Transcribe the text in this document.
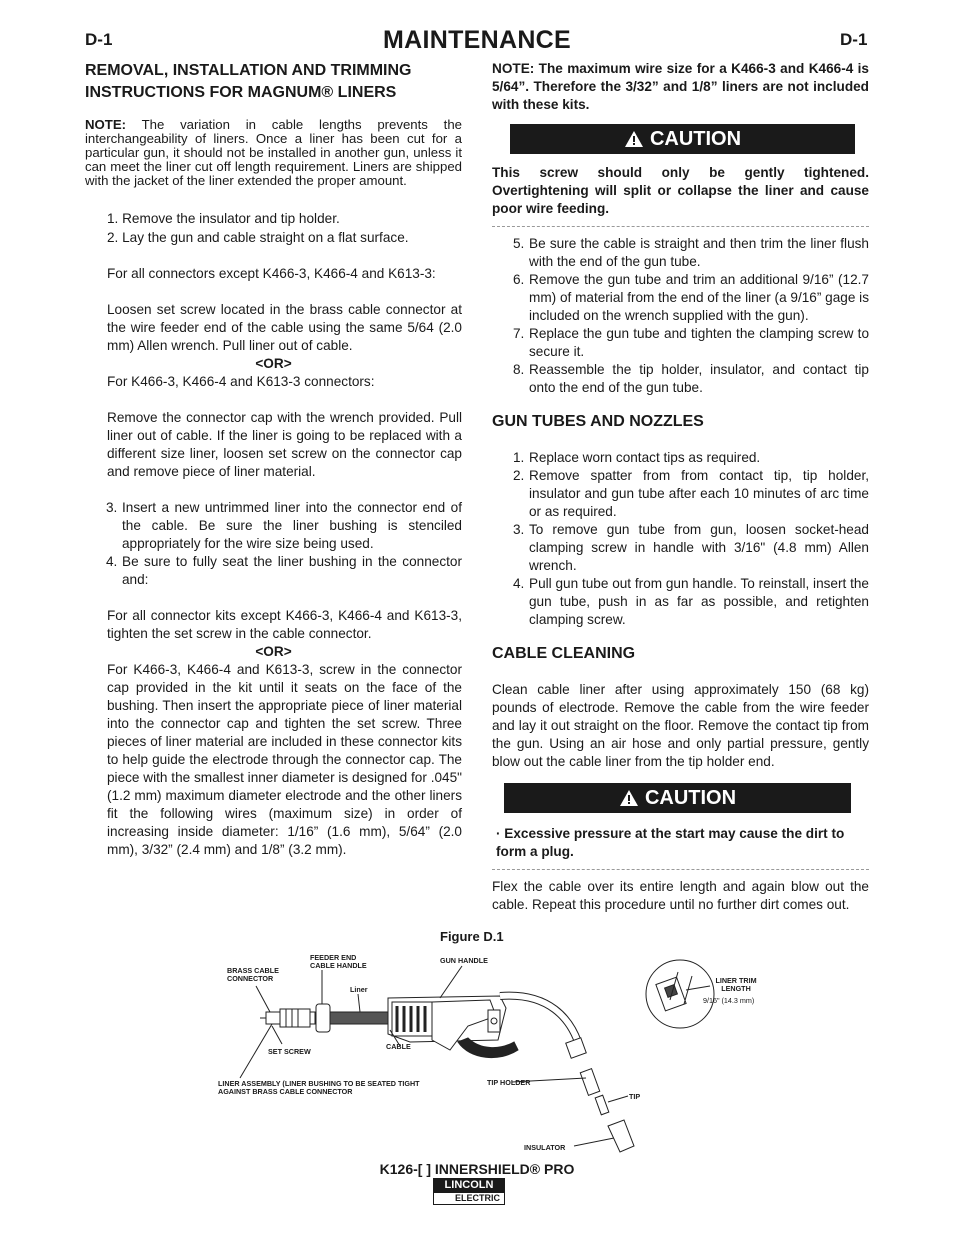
D-1	D-1
MAINTENANCE
REMOVAL, INSTALLATION AND TRIMMING INSTRUCTIONS FOR MAGNUM® LINERS

NOTE: The variation in cable lengths prevents the interchangeability of liners. Once a liner has been cut for a particular gun, it should not be installed in another gun, unless it can meet the liner cut off length requirement. Liners are shipped with the jacket of the liner extended the proper amount.

1. Remove the insulator and tip holder.

2. Lay the gun and cable straight on a flat surface.

For all connectors except K466-3, K466-4 and K613-3:

Loosen set screw located in the brass cable connector at the wire feeder end of the cable using the same 5/64 (2.0 mm) Allen wrench. Pull liner out of cable.

<OR>

For K466-3, K466-4 and K613-3 connectors:

Remove the connector cap with the wrench provided. Pull liner out of cable. If the liner is going to be replaced with a different size liner, loosen set screw on the connector cap and remove piece of liner material.

3. Insert a new untrimmed liner into the connector end of the cable. Be sure the liner bushing is stenciled appropriately for the wire size being used.
4. Be sure to fully seat the liner bushing in the connector and:

For all connector kits except K466-3, K466-4 and K613-3, tighten the set screw in the cable connector.

<OR>

For K466-3, K466-4 and K613-3, screw in the connector cap provided in the kit until it seats on the face of the bushing. Then insert the appropriate piece of liner material into the connector cap and tighten the set screw. Three pieces of liner material are included in these connector kits to help guide the electrode through the connector cap. The piece with the smallest inner diameter is designed for .045" (1.2 mm) maximum diameter electrode and the other liners fit the following wires (maximum size) in order of increasing inside diameter: 1/16” (1.6 mm), 5/64” (2.0 mm), 3/32” (2.4 mm) and 1/8” (3.2 mm).

NOTE: The maximum wire size for a K466-3 and K466-4 is 5/64”. Therefore the 3/32” and 1/8” liners are not included with these kits.

CAUTION

This screw should only be gently tightened. Overtightening will split or collapse the liner and cause poor wire feeding.

5. Be sure the cable is straight and then trim the liner flush with the end of the gun tube.
6. Remove the gun tube and trim an additional 9/16” (12.7 mm) of material from the end of the liner (a 9/16” gage is included on the wrench supplied with the gun).
7. Replace the gun tube and tighten the clamping screw to secure it.
8. Reassemble the tip holder, insulator, and contact tip onto the end of the gun tube.
GUN TUBES AND NOZZLES
1. Replace worn contact tips as required.
2. Remove spatter from from contact tip, tip holder, insulator and gun tube after each 10 minutes of arc time or as required.
3. To remove gun tube from gun, loosen socket-head clamping screw in handle with 3/16" (4.8 mm) Allen wrench.
4. Pull gun tube out from gun handle. To reinstall, insert the gun tube, push in as far as possible, and retighten clamping screw.
CABLE CLEANING

Clean cable liner after using approximately 150 (68 kg) pounds of electrode. Remove the cable from the wire feeder and lay it out straight on the floor. Remove the contact tip from the gun. Using an air hose and only partial pressure, gently blow out the cable liner from the tip holder end.

CAUTION

· Excessive pressure at the start may cause the dirt to form a plug.

Flex the cable over its entire length and again blow out the cable. Repeat this procedure until no further dirt comes out.

Figure D.1
BRASS CABLE CONNECTOR
FEEDER END CABLE HANDLE
Liner
GUN HANDLE
LINER TRIM LENGTH
9/16" (14.3 mm)
SET SCREW
CABLE
LINER ASSEMBLY (LINER BUSHING TO BE SEATED TIGHT AGAINST BRASS CABLE CONNECTOR
TIP HOLDER
TIP
INSULATOR
K126-[ ] INNERSHIELD® PRO
LINCOLN
ELECTRIC
